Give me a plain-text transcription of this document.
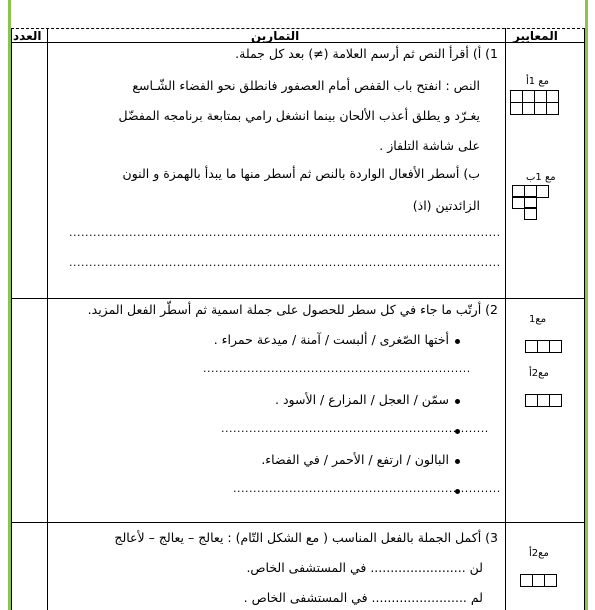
المعايير
التمارين
العدد
1) أ) أقرأ النص ثم أرسم العلامة (≠) بعد كل جملة.
النص : انفتح باب القفص أمام العصفور فانطلق نحو الفضاء الشّـاسع
يغـرّد و يطلق أعذب الألحان بينما انشغل رامي بمتابعة برنامجه المفضّل
على شاشة التلفاز .
ب) أسطر الأفعال الواردة بالنص ثم أسطر منها ما يبدأ بالهمزة و النون
الزائدتين (اذ)
............................................................................................................
............................................................................................................
مع 1أ
مع 1ب
2) أرتّب ما جاء في كل سطر للحصول على جملة اسمية ثم أسطّر الفعل المزيد.
أختها الصّغرى / ألبست / آمنة / ميدعة حمراء .
...................................................................
سمّن / العجل / المزارع / الأسود .
...................................................................
البالون / ارتفع / الأحمر / في الفضاء.
...................................................................
مع1
مع2أ
3) أكمل الجملة بالفعل المناسب ( مع الشكل التّام) : يعالج – يعالج – لأعالج
لن ........................ في المستشفى الخاص.
لم ........................ في المستشفى الخاص .
مع2أ
